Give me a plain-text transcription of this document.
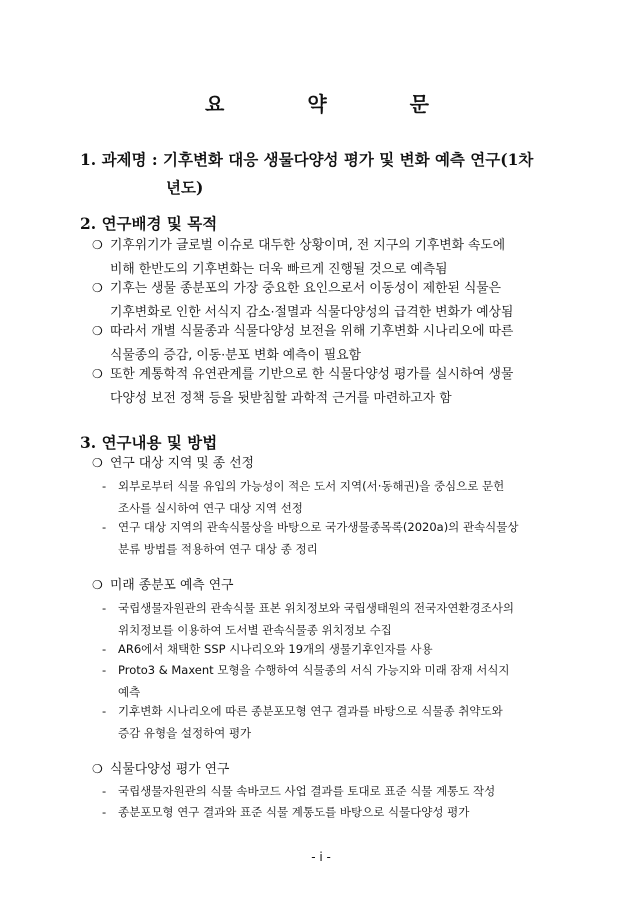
요 약 문
1. 과제명 : 기후변화 대응 생물다양성 평가 및 변화 예측 연구(1차
년도)
2. 연구배경 및 목적
❍ 기후위기가 글로벌 이슈로 대두한 상황이며, 전 지구의 기후변화 속도에
비해 한반도의 기후변화는 더욱 빠르게 진행될 것으로 예측됨
❍ 기후는 생물 종분포의 가장 중요한 요인으로서 이동성이 제한된 식물은
기후변화로 인한 서식지 감소·절멸과 식물다양성의 급격한 변화가 예상됨
❍ 따라서 개별 식물종과 식물다양성 보전을 위해 기후변화 시나리오에 따른
식물종의 증감, 이동·분포 변화 예측이 필요함
❍ 또한 계통학적 유연관계를 기반으로 한 식물다양성 평가를 실시하여 생물
다양성 보전 정책 등을 뒷받침할 과학적 근거를 마련하고자 함
3. 연구내용 및 방법
❍ 연구 대상 지역 및 종 선정
- 외부로부터 식물 유입의 가능성이 적은 도서 지역(서·동해권)을 중심으로 문헌
조사를 실시하여 연구 대상 지역 선정
- 연구 대상 지역의 관속식물상을 바탕으로 국가생물종목록(2020a)의 관속식물상
분류 방법를 적용하여 연구 대상 종 정리
❍ 미래 종분포 예측 연구
- 국립생물자원관의 관속식물 표본 위치정보와 국립생태원의 전국자연환경조사의
위치정보를 이용하여 도서별 관속식물종 위치정보 수집
- AR6에서 채택한 SSP 시나리오와 19개의 생물기후인자를 사용
- Proto3 & Maxent 모형을 수행하여 식물종의 서식 가능지와 미래 잠재 서식지
예측
- 기후변화 시나리오에 따른 종분포모형 연구 결과를 바탕으로 식물종 취약도와
증감 유형을 설정하여 평가
❍ 식물다양성 평가 연구
- 국립생물자원관의 식물 속바코드 사업 결과를 토대로 표준 식물 계통도 작성
- 종분포모형 연구 결과와 표준 식물 계통도를 바탕으로 식물다양성 평가
- i -
